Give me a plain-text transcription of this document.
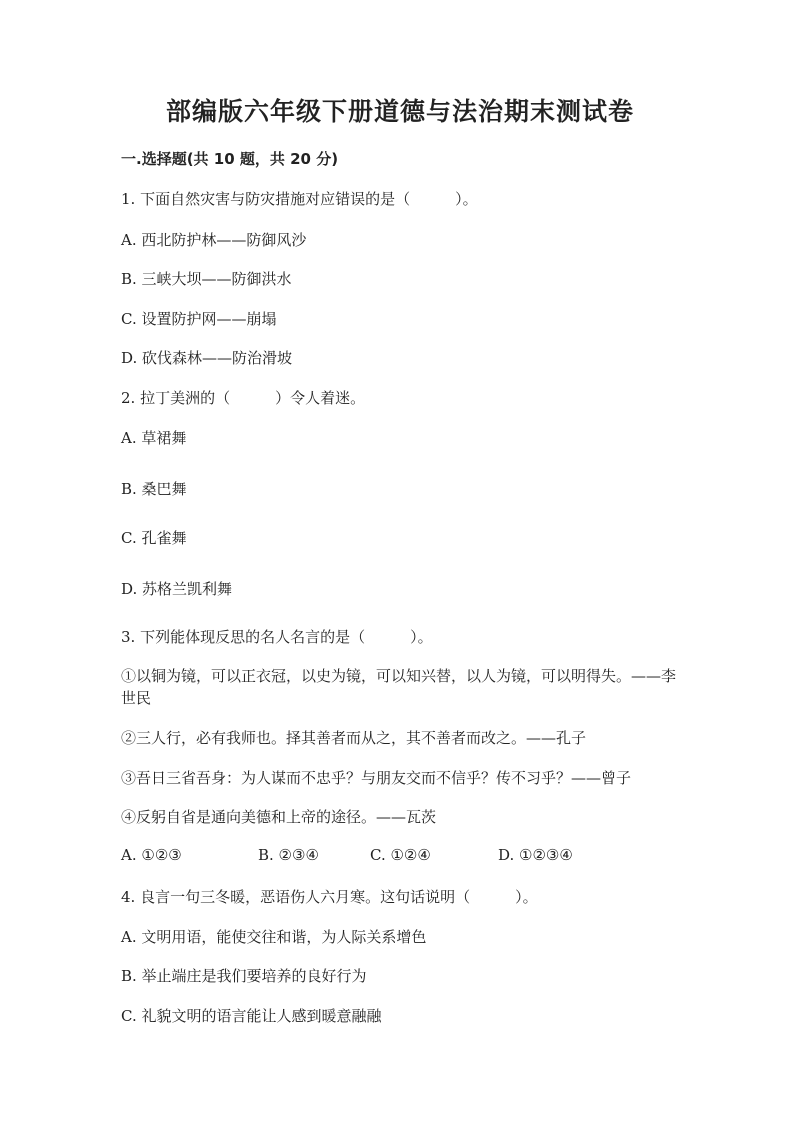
部编版六年级下册道德与法治期末测试卷
一.选择题(共 10 题，共 20 分)
1. 下面自然灾害与防灾措施对应错误的是（　　　）。
A. 西北防护林——防御风沙
B. 三峡大坝——防御洪水
C. 设置防护网——崩塌
D. 砍伐森林——防治滑坡
2. 拉丁美洲的（　　　）令人着迷。
A. 草裙舞
B. 桑巴舞
C. 孔雀舞
D. 苏格兰凯利舞
3. 下列能体现反思的名人名言的是（　　　）。
①以铜为镜，可以正衣冠，以史为镜，可以知兴替，以人为镜，可以明得失。——李世民
②三人行，必有我师也。择其善者而从之，其不善者而改之。——孔子
③吾日三省吾身：为人谋而不忠乎？与朋友交而不信乎？传不习乎？——曾子
④反躬自省是通向美德和上帝的途径。——瓦茨
A. ①②③	B. ②③④	C. ①②④	D. ①②③④
4. 良言一句三冬暖，恶语伤人六月寒。这句话说明（　　　）。
A. 文明用语，能使交往和谐，为人际关系增色
B. 举止端庄是我们要培养的良好行为
C. 礼貌文明的语言能让人感到暖意融融
